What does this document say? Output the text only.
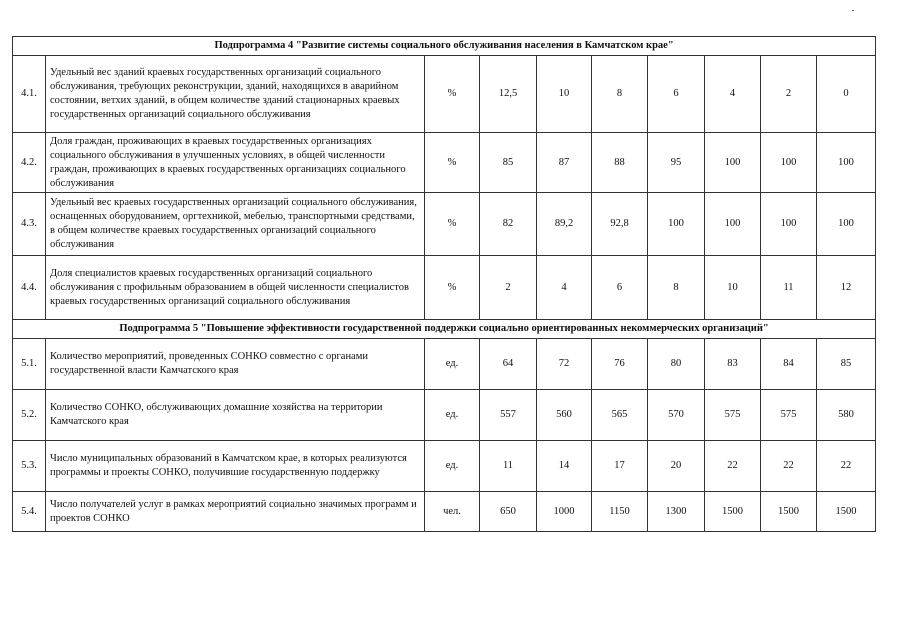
Подпрограмма 4 "Развитие системы социального обслуживания населения в Камчатском крае"									
4.1.	Удельный вес зданий краевых государственных организаций социального обслуживания, требующих реконструкции, зданий, находящихся в аварийном состоянии, ветхих зданий, в общем количестве зданий стационарных краевых государственных организаций социального обслуживания	%	12,5	10	8	6	4	2	0
4.2.	Доля граждан, проживающих в краевых государственных организациях социального обслуживания в улучшенных условиях, в общей численности граждан, проживающих в краевых государственных организациях социального обслуживания	%	85	87	88	95	100	100	100
4.3.	Удельный вес краевых государственных организаций социального обслуживания, оснащенных оборудованием, оргтехникой, мебелью, транспортными средствами, в общем количестве краевых государственных организаций социального обслуживания	%	82	89,2	92,8	100	100	100	100
4.4.	Доля специалистов краевых государственных организаций социального обслуживания с профильным образованием в общей численности специалистов краевых государственных организаций социального обслуживания	%	2	4	6	8	10	11	12
Подпрограмма 5 "Повышение эффективности государственной поддержки социально ориентированных некоммерческих организаций"									
5.1.	Количество мероприятий, проведенных СОНКО совместно с органами государственной власти Камчатского края	ед.	64	72	76	80	83	84	85
5.2.	Количество СОНКО, обслуживающих домашние хозяйства на территории Камчатского края	ед.	557	560	565	570	575	575	580
5.3.	Число муниципальных образований в Камчатском крае, в которых реализуются программы и проекты СОНКО, получившие государственную поддержку	ед.	11	14	17	20	22	22	22
5.4.	Число получателей услуг в рамках мероприятий социально значимых программ и проектов СОНКО	чел.	650	1000	1150	1300	1500	1500	1500
